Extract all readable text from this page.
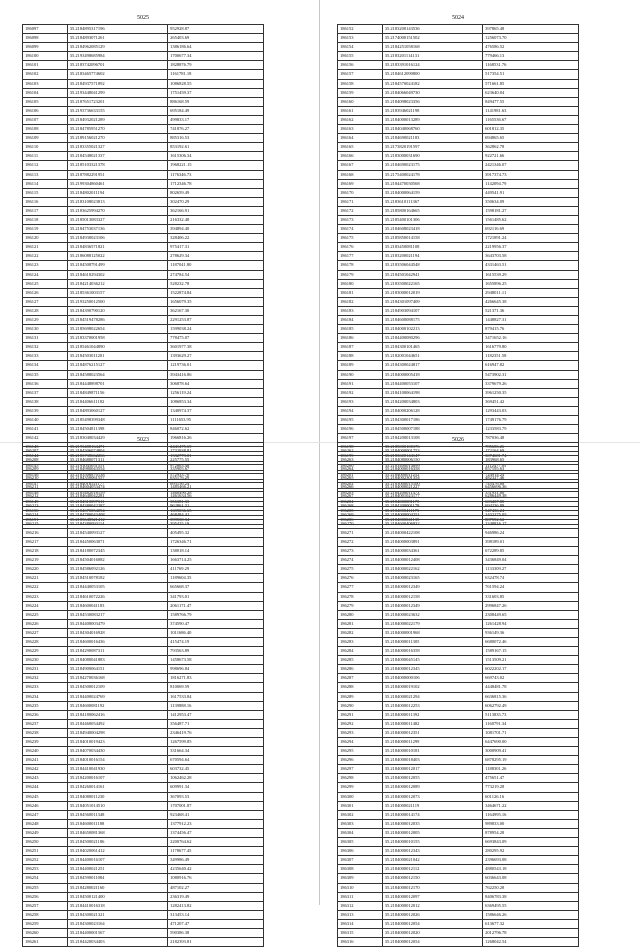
5025
186097	35.2184895317196	952928.87
186098	35.2184893071261	265403.69
186099	35.2184962085129	1386186.64
186100	35.2193498685984	1700677.34
186101	35.2183742096701	1828876.79
186102	35.2183465774602	1161781.18
186103	35.2184937571892	1086828.55
186104	35.2193448041299	1751459.37
186105	35.2187651723201	886168.59
186106	35.2193736633155	695184.49
186107	35.2184932021289	499833.17
186108	35.2184785951270	741876.27
186109	35.2189156021270	885316.53
186110	35.2183355021327	853192.61
186111	35.2184548021337	1615306.34
186112	35.2185103321378	1968221.15
186113	35.2187882291951	1176346.73
186114	35.2199304860461	1712346.78
186115	35.2184802011194	802659.49
186116	35.2183108023813	302470.29
186117	35.2183625994270	362166.91
186118	35.2185013083327	216332.48
186119	35.2184753037136	394894.40
186120	35.2184930023106	328406.22
186121	35.2184836571821	975417.31
186122	35.2186088125022	278629.34
186123	35.2184508791499	1187041.80
186124	35.2184618294302	274784.54
186125	35.2184214036212	528232.78
186126	35.2185361003157	1522874.84
186127	35.2193250012500	1656079.35
186128	35.2184390790120	362167.30
186129	35.2184519478286	2291253.87
186130	35.2185698022654	1599038.24
186131	35.2183370001958	778475.07
186132	35.2185461044890	3601977.38
186133	35.2184503011201	1393629.27
186134	35.2184876215127	1219736.01
186135	35.2184588023564	3943416.86
186136	35.2184448898701	306878.64
186137	35.2184849871156	1256119.24
186138	35.2184406611182	1086853.34
186139	35.2184893060127	1340974.37
186140	35.2185498399348	1111653.95
186141	35.2184504811398	846072.62
186142	35.2183040034429	1966816.26
186143	35.2193488164471	2441475.69
186144	35.2183738662266	1332773.01
186145	35.2193045051551	972863.48
186146	35.2183506870138	572933.70
186147	35.2184016521177	693156.24
186148	35.2185482018159	1460490.28
186149	35.2184310097311	356381.33
186150	35.2184670054094	1699036.65
186151	35.2183648321412	399530.34
5024
186152	35.2183200143536	397865.48
186153	35.2174000151502	1256073.70
186154	35.2184251058168	476586.52
186155	35.2183201114131	779466.13
186156	35.2183391016124	1168531.76
186157	35.2184612090800	517354.51
186158	35.2184570024182	571661.85
186159	35.2184066049730	623640.04
186160	35.2184098023356	849477.55
186161	35.2183946021198	1141981.63
186162	35.2184000013289	1165536.67
186163	35.2184040068760	601812.35
186164	35.2184690021183	694865.65
186165	35.2173820191597	362862.78
186166	35.2183000031690	922721.66
186167	35.2184690023175	2421346.07
186168	35.2175400024178	3917374.73
186169	35.2184470030568	1142094.79
186170	35.2184000064159	449541.91
186171	35.2183610111367	350634.09
186172	35.2185800164665	1598181.27
186173	35.2185400101306	1561485.62
186174	35.2184608023418	692116.69
186175	35.2185850014158	1721891.24
186176	35.2183450081108	2219956.37
186177	35.2183200021194	3643703.58
186178	35.2183506044548	4331463.51
186179	35.2184501042941	1615539.29
186180	35.2183500022165	1655896.25
186181	35.2183000012019	2948011.11
186182	35.2184301097409	4266645.38
186183	35.2184903094107	521371.36
186184	35.2184600088175	1448827.31
186185	35.2184000102213	879415.76
186186	35.2184400080296	3471652.16
186187	35.2184300101465	1616779.80
186188	35.2182001044651	1182351.58
186189	35.2184300024817	616947.82
186190	35.2184000005418	5473902.31
186191	35.2184400053107	3379679.26
186192	35.2184100064198	3961250.35
186193	35.2184200034803	369451.42
186194	35.2184000206128	1293443.03
186195	35.2184300017186	1749176.79
186196	35.2184500007188	1233583.79
186197	35.2184200013108	787036.48
186198	35.2185000100176	785686.26
186199	35.2183600144147	3074601.74
186200	35.2183400014899	1112477.05
186201	35.2184000011252	724914.24
186202	35.2183000015100	745476.88
186203	35.2184200011473	351931.80
186204	35.2184000081175	603437.80
186205	35.2184000411175	547436.24
186206	35.2184000041135	887592.62
5023
186207	35.2184506074804	1732938.81
186208	35.2184680071311	225775.55
186209	35.2184980043554	335905.67
186210	35.2184350061557	635176.29
186211	35.2184604053474	1485466.21
186212	35.2184640042281	1461634.56
186213	35.2184380042287	962861.31
186214	35.2184780043408	468484.41
186215	35.2184380093114	395425.19
186216	35.2184540093127	405495.32
186217	35.2184450063071	1726346.71
186218	35.2184180072345	138018.14
186219	35.2184504016082	1663714.25
186220	35.2184586092126	411769.29
186221	35.2184510078182	1189604.35
186222	35.2184440053105	665668.37
186223	35.2184610072226	341793.01
186224	35.2184600041183	2061171.47
186225	35.2184530083217	1589766.79
186226	35.2184408003479	374590.47
186227	35.2184304016928	1011686.40
186228	35.2184600016436	415474.19
186229	35.2184290087311	793563.89
186230	35.2184080041883	1458673.58
186231	35.2184900064151	998696.84
186232	35.2184270036168	1816271.83
186233	35.2184500012109	810069.59
186234	35.2184400024769	1617533.84
186235	35.2184600081192	1139888.16
186236	35.2184180062416	1412953.47
186237	35.2184460054492	356487.71
186238	35.2184940004298	2346419.76
186239	35.2184010019423	1267599.85
186240	35.2184070034430	331664.34
186241	35.2184010016154	670594.64
186242	35.2184410041930	603732.45
186243	35.2184200016107	1062462.28
186244	35.2184260014161	609991.34
186245	35.2184080011230	367093.53
186246	35.2184051014510	1707001.87
186247	35.2184560011348	923468.41
186248	35.2184600011188	1377912.23
186249	35.2184650081368	1374456.47
186250	35.2184500021186	2200764.62
186251	35.2184020061412	1178677.45
186252	35.2184400016107	349986.49
186253	35.2184400021251	4235640.42
186254	35.2184590011084	1080916.76
186255	35.2184280021160	487102.27
186256	35.2184500121400	236319.49
186257	35.2184410016318	1282413.82
186258	35.2184300021321	313453.14
186259	35.2184300023164	471207.47
186260	35.2184400001567	590386.38
186261	35.2184420034403	2182393.81
5026
186262	35.2184000001753	172164.69
186263	35.2184080006150	183968.65
186264	35.2184000016358	857195.63
186265	35.2184002301354	482327.46
186266	35.2184000021227	6456696.36
186267	35.2184001023177	6286449.38
186268	35.2184200001178	694236.89
186269	35.2184000004251	2432275.05
186270	35.2184600406932	1348816.17
186271	35.2184000422108	946986.24
186272	35.2184000003891	398189.01
186273	35.2184000034361	672289.85
186274	35.2184000012408	3436849.04
186275	35.2184000022162	1133309.27
186276	35.2184000023165	632478.74
186277	35.2184000012349	761594.24
186278	35.2184000012158	331603.85
186279	35.2184000012349	2996847.26
186280	35.2184000023632	2308449.65
186281	35.2184000022179	1261428.94
186282	35.2184000001968	936149.36
186283	35.2184000011305	6680072.46
186284	35.2184000016358	1589167.15
186285	35.2184000045145	1513509.21
186286	35.2184000012345	6022202.17
186287	35.2184000000106	669743.02
186288	35.2184000019102	4448481.78
186289	35.2184000021294	6636815.36
186290	35.2184000012253	6062792.49
186291	35.2184000011392	5113835.73
186292	35.2184000011482	1160791.34
186293	35.2184000012351	1081701.71
186294	35.2184000011299	6447690.00
186295	35.2184000010181	3000909.41
186296	35.2184000018403	6878295.19
186297	35.2184000012017	1188301.26
186298	35.2184000012055	475651.47
186299	35.2184000012089	773219.28
186300	35.2184000012073	601126.16
186301	35.2184000021119	3464671.22
186302	35.2184000014174	1164995.16
186303	35.2184000012035	989833.00
186304	35.2184000012005	878954.28
186305	35.2184000010155	6693843.09
186306	35.2184000012343	280295.92
186307	35.2184000021042	2396693.08
186308	35.2184000012112	4880543.18
186309	35.2184000012150	6036643.08
186310	35.2184000012170	762250.28
186311	35.2184000012097	8406783.38
186312	35.2184000012012	6369495.55
186313	35.2184000012026	1586646.26
186314	35.2184000012054	613677.32
186315	35.2184000012020	2012796.78
186316	35.2184000012054	1268042.54
